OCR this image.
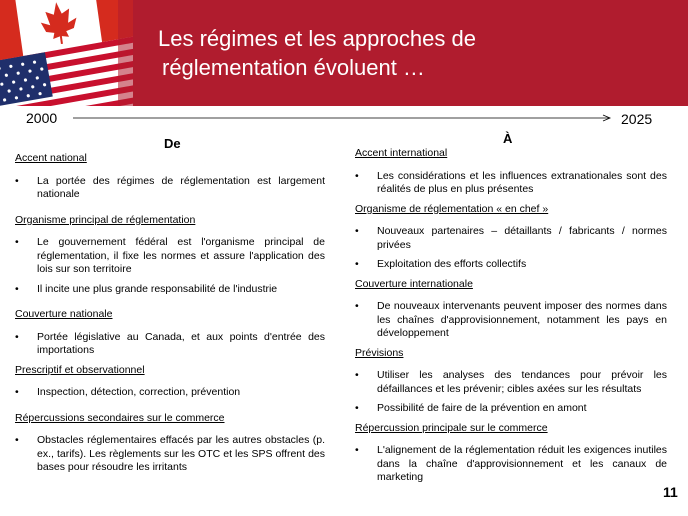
Les régimes et les approches de
réglementation évoluent …
2000	2025
De	À
Accent national
• La portée des régimes de réglementation est largement nationale
Organisme principal de réglementation
• Le gouvernement fédéral est l'organisme principal de réglementation, il fixe les normes et assure l'application des lois sur son territoire
• Il incite une plus grande responsabilité de l'industrie
Couverture nationale
• Portée législative au Canada, et aux points d'entrée des importations
Prescriptif et observationnel
• Inspection, détection, correction, prévention
Répercussions secondaires sur le commerce
• Obstacles réglementaires effacés par les autres obstacles (p. ex., tarifs). Les règlements sur les OTC et les SPS offrent des bases pour résoudre les irritants
Accent international
• Les considérations et les influences extranationales sont des réalités de plus en plus présentes
Organisme de réglementation « en chef »
• Nouveaux partenaires – détaillants / fabricants / normes privées
• Exploitation des efforts collectifs
Couverture internationale
• De nouveaux intervenants peuvent imposer des normes dans les chaînes d'approvisionnement, notamment les pays en développement
Prévisions
• Utiliser les analyses des tendances pour prévoir les défaillances et les prévenir; cibles axées sur les résultats
• Possibilité de faire de la prévention en amont
Répercussion principale sur le commerce
• L'alignement de la réglementation réduit les exigences inutiles dans la chaîne d'approvisionnement et les canaux de marketing
11
